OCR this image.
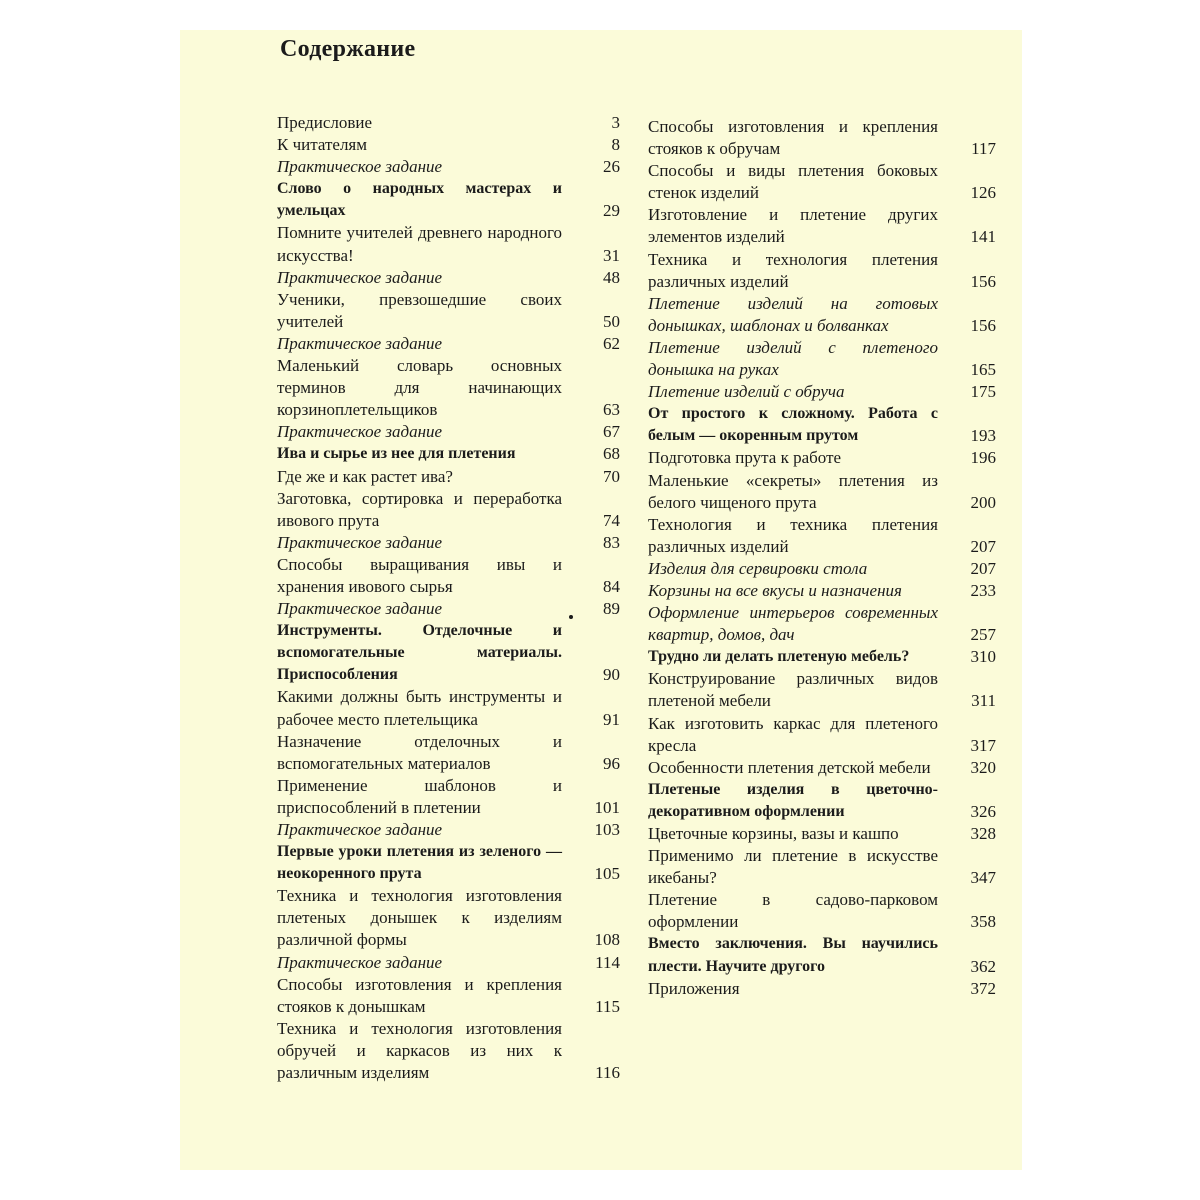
Содержание
Предисловие	3
К читателям	8
Практическое задание	26
Слово о народных мастерах и умельцах	29
Помните учителей древнего народного искусства!	31
Практическое задание	48
Ученики, превзошедшие своих учителей	50
Практическое задание	62
Маленький словарь основных терминов для начинающих корзиноплетельщиков	63
Практическое задание	67
Ива и сырье из нее для плетения	68
Где же и как растет ива?	70
Заготовка, сортировка и переработка ивового прута	74
Практическое задание	83
Способы выращивания ивы и хранения ивового сырья	84
Практическое задание	89
Инструменты. Отделочные и вспомогательные материалы. Приспособления	90
Какими должны быть инструменты и рабочее место плетельщика	91
Назначение отделочных и вспомогательных материалов	96
Применение шаблонов и приспособлений в плетении	101
Практическое задание	103
Первые уроки плетения из зеленого — неокоренного прута	105
Техника и технология изготовления плетеных донышек к изделиям различной формы	108
Практическое задание	114
Способы изготовления и крепления стояков к донышкам	115
Техника и технология изготовления обручей и каркасов из них к различным изделиям	116
Способы изготовления и крепления стояков к обручам	117
Способы и виды плетения боковых стенок изделий	126
Изготовление и плетение других элементов изделий	141
Техника и технология плетения различных изделий	156
Плетение изделий на готовых донышках, шаблонах и болванках	156
Плетение изделий с плетеного донышка на руках	165
Плетение изделий с обруча	175
От простого к сложному. Работа с белым — окоренным прутом	193
Подготовка прута к работе	196
Маленькие «секреты» плетения из белого чищеного прута	200
Технология и техника плетения различных изделий	207
Изделия для сервировки стола	207
Корзины на все вкусы и назначения	233
Оформление интерьеров современных квартир, домов, дач	257
Трудно ли делать плетеную мебель?	310
Конструирование различных видов плетеной мебели	311
Как изготовить каркас для плетеного кресла	317
Особенности плетения детской мебели	320
Плетеные изделия в цветочно-декоративном оформлении	326
Цветочные корзины, вазы и кашпо	328
Применимо ли плетение в искусстве икебаны?	347
Плетение в садово-парковом оформлении	358
Вместо заключения. Вы научились плести. Научите другого	362
Приложения	372
